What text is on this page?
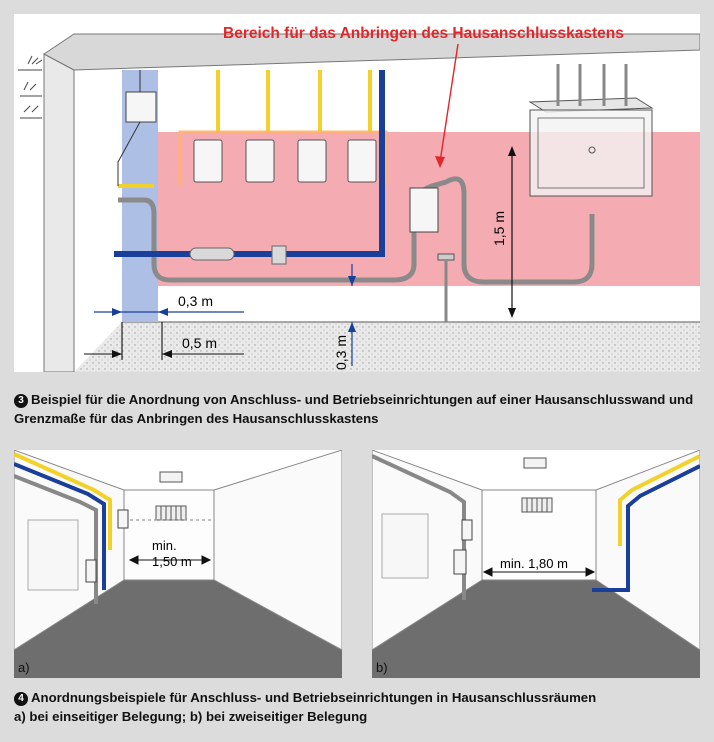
1,5 m
0,3 m
0,5 m	0,3 m
Bereich für das Anbringen des Hausanschlusskastens
3 Beispiel für die Anordnung von Anschluss- und Betriebseinrichtungen auf einer Hausanschlusswand und Grenzmaße für das Anbringen des Hausanschlusskastens
min.
1,50 m
a)
min. 1,80 m
b)
4 Anordnungsbeispiele für Anschluss- und Betriebseinrichtungen in Hausanschlussräumen
a) bei einseitiger Belegung; b) bei zweiseitiger Belegung
